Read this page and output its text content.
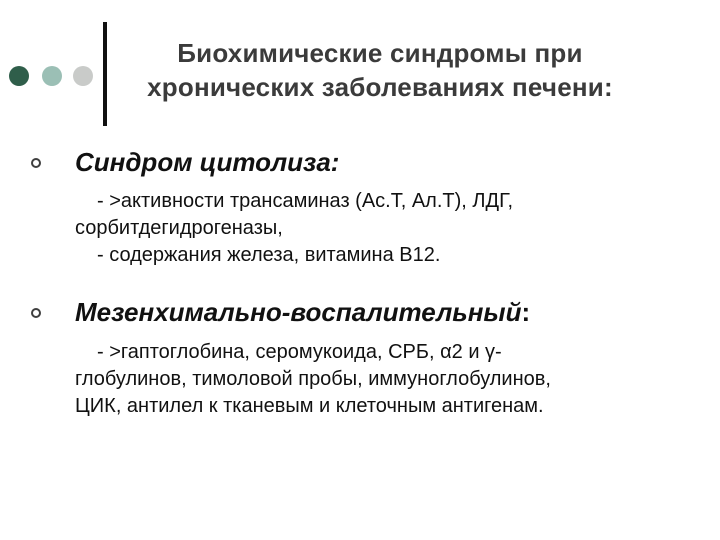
Биохимические синдромы при
хронических заболеваниях печени:
Синдром цитолиза:
- >активности трансаминаз (Ас.Т, Ал.Т), ЛДГ,
сорбитдегидрогеназы,
- содержания железа, витамина В12.
Мезенхимально-воспалительный:
- >гаптоглобина, серомукоида, СРБ, α2 и γ-
глобулинов, тимоловой пробы, иммуноглобулинов,
ЦИК, антилел к тканевым и клеточным антигенам.
